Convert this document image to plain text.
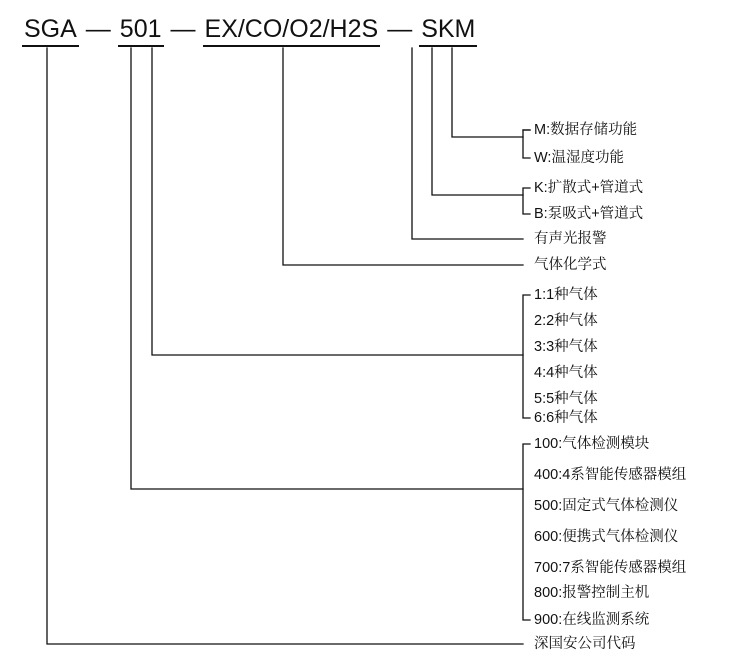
SGA — 501 — EX/CO/O2/H2S — SKM
M:数据存储功能
W:温湿度功能
K:扩散式+管道式
B:泵吸式+管道式
有声光报警
气体化学式
1:1种气体
2:2种气体
3:3种气体
4:4种气体
5:5种气体
6:6种气体
100:气体检测模块
400:4系智能传感器模组
500:固定式气体检测仪
600:便携式气体检测仪
700:7系智能传感器模组
800:报警控制主机
900:在线监测系统
深国安公司代码
